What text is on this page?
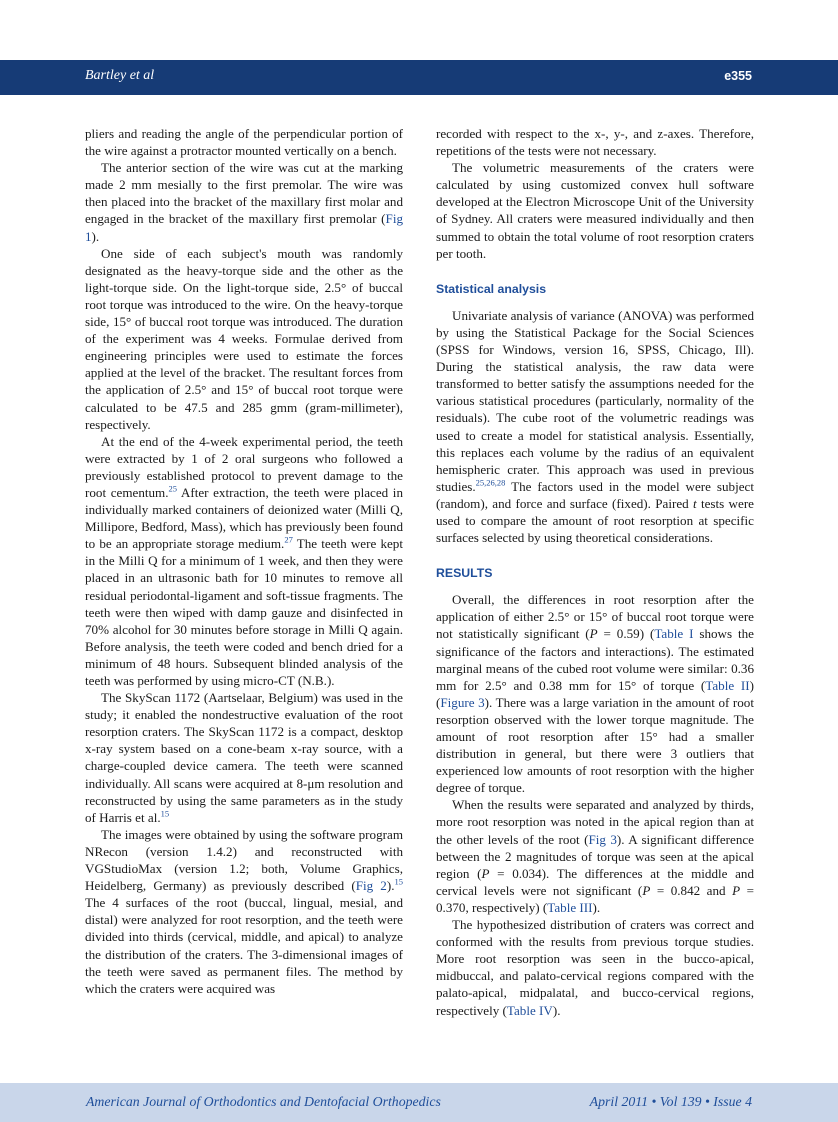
Bartley et al	e355

pliers and reading the angle of the perpendicular portion of the wire against a protractor mounted vertically on a bench.

The anterior section of the wire was cut at the marking made 2 mm mesially to the first premolar. The wire was then placed into the bracket of the maxillary first molar and engaged in the bracket of the maxillary first premolar (Fig 1).

One side of each subject's mouth was randomly designated as the heavy-torque side and the other as the light-torque side. On the light-torque side, 2.5° of buccal root torque was introduced to the wire. On the heavy-torque side, 15° of buccal root torque was introduced. The duration of the experiment was 4 weeks. Formulae derived from engineering principles were used to estimate the forces applied at the level of the bracket. The resultant forces from the application of 2.5° and 15° of buccal root torque were calculated to be 47.5 and 285 gmm (gram-millimeter), respectively.

At the end of the 4-week experimental period, the teeth were extracted by 1 of 2 oral surgeons who followed a previously established protocol to prevent damage to the root cementum.$^{25}$ After extraction, the teeth were placed in individually marked containers of deionized water (Milli Q, Millipore, Bedford, Mass), which has previously been found to be an appropriate storage medium.$^{27}$ The teeth were kept in the Milli Q for a minimum of 1 week, and then they were placed in an ultrasonic bath for 10 minutes to remove all residual periodontal-ligament and soft-tissue fragments. The teeth were then wiped with damp gauze and disinfected in 70% alcohol for 30 minutes before storage in Milli Q again. Before analysis, the teeth were coded and bench dried for a minimum of 48 hours. Subsequent blinded analysis of the teeth was performed by using micro-CT (N.B.).

The SkyScan 1172 (Aartselaar, Belgium) was used in the study; it enabled the nondestructive evaluation of the root resorption craters. The SkyScan 1172 is a compact, desktop x-ray system based on a cone-beam x-ray source, with a charge-coupled device camera. The teeth were scanned individually. All scans were acquired at 8-μm resolution and reconstructed by using the same parameters as in the study of Harris et al.$^{15}$

The images were obtained by using the software program NRecon (version 1.4.2) and reconstructed with VGStudioMax (version 1.2; both, Volume Graphics, Heidelberg, Germany) as previously described (Fig 2).$^{15}$ The 4 surfaces of the root (buccal, lingual, mesial, and distal) were analyzed for root resorption, and the teeth were divided into thirds (cervical, middle, and apical) to analyze the distribution of the craters. The 3-dimensional images of the teeth were saved as permanent files. The method by which the craters were acquired was

recorded with respect to the x-, y-, and z-axes. Therefore, repetitions of the tests were not necessary.

The volumetric measurements of the craters were calculated by using customized convex hull software developed at the Electron Microscope Unit of the University of Sydney. All craters were measured individually and then summed to obtain the total volume of root resorption craters per tooth.

Statistical analysis

Univariate analysis of variance (ANOVA) was performed by using the Statistical Package for the Social Sciences (SPSS for Windows, version 16, SPSS, Chicago, Ill). During the statistical analysis, the raw data were transformed to better satisfy the assumptions needed for the various statistical procedures (particularly, normality of the residuals). The cube root of the volumetric readings was used to create a model for statistical analysis. Essentially, this replaces each volume by the radius of an equivalent hemispheric crater. This approach was used in previous studies.$^{25,26,28}$ The factors used in the model were subject (random), and force and surface (fixed). Paired t tests were used to compare the amount of root resorption at specific surfaces selected by using theoretical considerations.

RESULTS

Overall, the differences in root resorption after the application of either 2.5° or 15° of buccal root torque were not statistically significant (P = 0.59) (Table I shows the significance of the factors and interactions). The estimated marginal means of the cubed root volume were similar: 0.36 mm for 2.5° and 0.38 mm for 15° of torque (Table II) (Figure 3). There was a large variation in the amount of root resorption observed with the lower torque magnitude. The amount of root resorption after 15° had a smaller distribution in general, but there were 3 outliers that experienced low amounts of root resorption with the higher degree of torque.

When the results were separated and analyzed by thirds, more root resorption was noted in the apical region than at the other levels of the root (Fig 3). A significant difference between the 2 magnitudes of torque was seen at the apical region (P = 0.034). The differences at the middle and cervical levels were not significant (P = 0.842 and P = 0.370, respectively) (Table III).

The hypothesized distribution of craters was correct and conformed with the results from previous torque studies. More root resorption was seen in the bucco-apical, midbuccal, and palato-cervical regions compared with the palato-apical, midpalatal, and bucco-cervical regions, respectively (Table IV).

American Journal of Orthodontics and Dentofacial Orthopedics	April 2011 • Vol 139 • Issue 4
